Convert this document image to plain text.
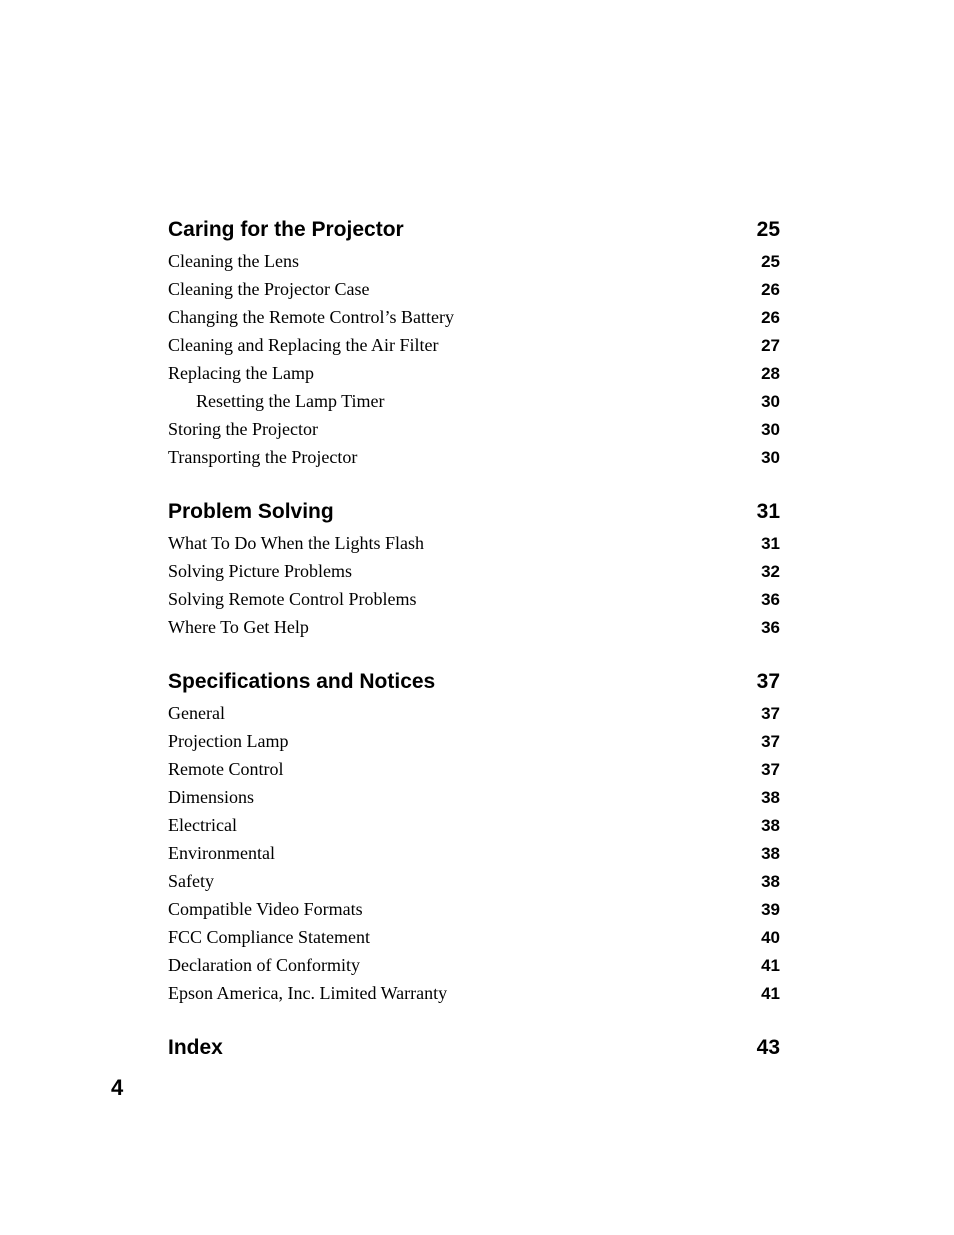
Caring for the Projector	25
Cleaning the Lens	25
Cleaning the Projector Case	26
Changing the Remote Control’s Battery	26
Cleaning and Replacing the Air Filter	27
Replacing the Lamp	28
Resetting the Lamp Timer	30
Storing the Projector	30
Transporting the Projector	30
Problem Solving	31
What To Do When the Lights Flash	31
Solving Picture Problems	32
Solving Remote Control Problems	36
Where To Get Help	36
Specifications and Notices	37
General	37
Projection Lamp	37
Remote Control	37
Dimensions	38
Electrical	38
Environmental	38
Safety	38
Compatible Video Formats	39
FCC Compliance Statement	40
Declaration of Conformity	41
Epson America, Inc. Limited Warranty	41
Index	43
4
